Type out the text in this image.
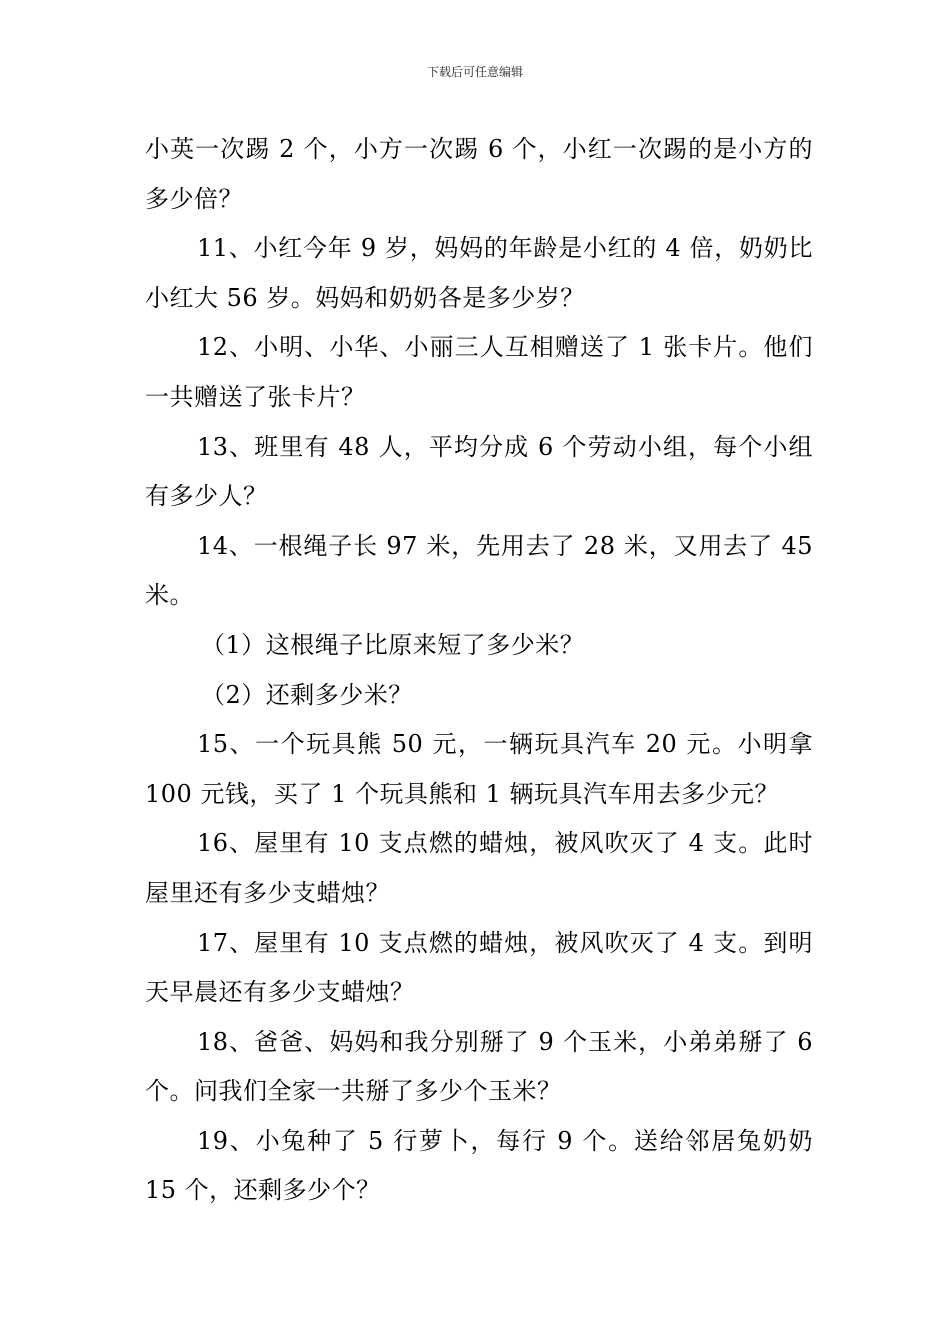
下载后可任意编辑

小英一次踢 2 个，小方一次踢 6 个，小红一次踢的是小方的多少倍？

11、小红今年 9 岁，妈妈的年龄是小红的 4 倍，奶奶比小红大 56 岁。妈妈和奶奶各是多少岁？

12、小明、小华、小丽三人互相赠送了 1 张卡片。他们一共赠送了张卡片？

13、班里有 48 人，平均分成 6 个劳动小组，每个小组有多少人？

14、一根绳子长 97 米，先用去了 28 米，又用去了 45 米。

（1）这根绳子比原来短了多少米？

（2）还剩多少米？

15、一个玩具熊 50 元，一辆玩具汽车 20 元。小明拿 100 元钱，买了 1 个玩具熊和 1 辆玩具汽车用去多少元？

16、屋里有 10 支点燃的蜡烛，被风吹灭了 4 支。此时屋里还有多少支蜡烛？

17、屋里有 10 支点燃的蜡烛，被风吹灭了 4 支。到明天早晨还有多少支蜡烛？

18、爸爸、妈妈和我分别掰了 9 个玉米，小弟弟掰了 6 个。问我们全家一共掰了多少个玉米？

19、小兔种了 5 行萝卜，每行 9 个。送给邻居兔奶奶 15 个，还剩多少个？
